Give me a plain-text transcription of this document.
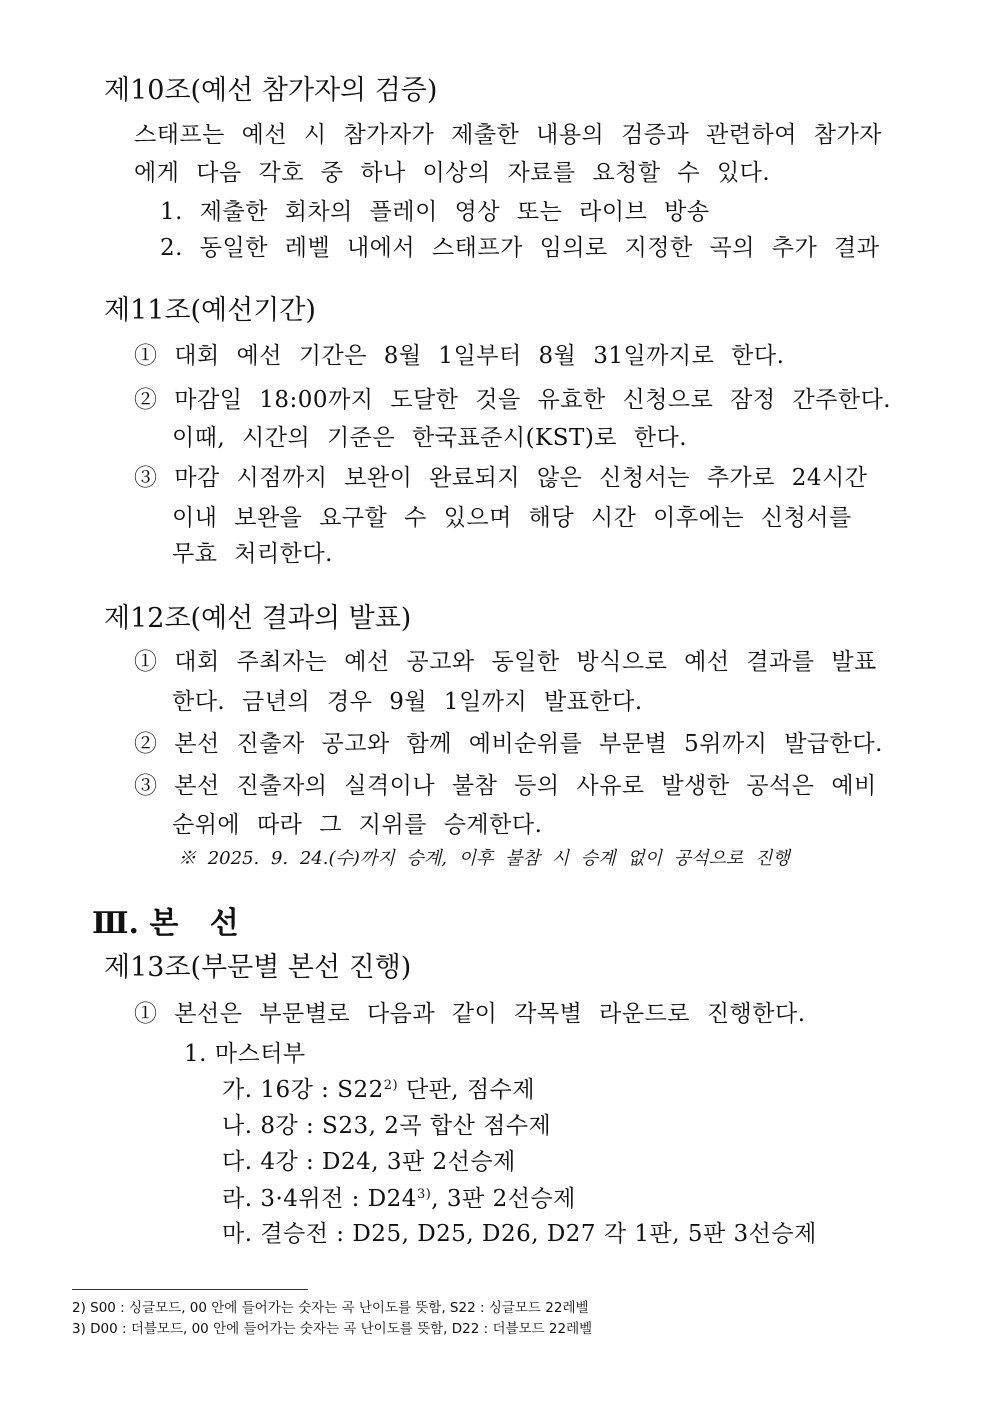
제10조(예선 참가자의 검증)
스태프는 예선 시 참가자가 제출한 내용의 검증과 관련하여 참가자
에게 다음 각호 중 하나 이상의 자료를 요청할 수 있다.
1. 제출한 회차의 플레이 영상 또는 라이브 방송
2. 동일한 레벨 내에서 스태프가 임의로 지정한 곡의 추가 결과
제11조(예선기간)
① 대회 예선 기간은 8월 1일부터 8월 31일까지로 한다.
② 마감일 18:00까지 도달한 것을 유효한 신청으로 잠정 간주한다.
이때, 시간의 기준은 한국표준시(KST)로 한다.
③ 마감 시점까지 보완이 완료되지 않은 신청서는 추가로 24시간
이내 보완을 요구할 수 있으며 해당 시간 이후에는 신청서를
무효 처리한다.
제12조(예선 결과의 발표)
① 대회 주최자는 예선 공고와 동일한 방식으로 예선 결과를 발표
한다. 금년의 경우 9월 1일까지 발표한다.
② 본선 진출자 공고와 함께 예비순위를 부문별 5위까지 발급한다.
③ 본선 진출자의 실격이나 불참 등의 사유로 발생한 공석은 예비
순위에 따라 그 지위를 승계한다.
※ 2025. 9. 24.(수)까지 승계, 이후 불참 시 승계 없이 공석으로 진행
Ⅲ. 본   선
제13조(부문별 본선 진행)
① 본선은 부문별로 다음과 같이 각목별 라운드로 진행한다.
1. 마스터부
가. 16강 : S22$^{2)}$ 단판, 점수제
나. 8강 : S23, 2곡 합산 점수제
다. 4강 : D24, 3판 2선승제
라. 3·4위전 : D24$^{3)}$, 3판 2선승제
마. 결승전 : D25, D25, D26, D27 각 1판, 5판 3선승제
2) S00 : 싱글모드, 00 안에 들어가는 숫자는 곡 난이도를 뜻함, S22 : 싱글모드 22레벨
3) D00 : 더블모드, 00 안에 들어가는 숫자는 곡 난이도를 뜻함, D22 : 더블모드 22레벨
